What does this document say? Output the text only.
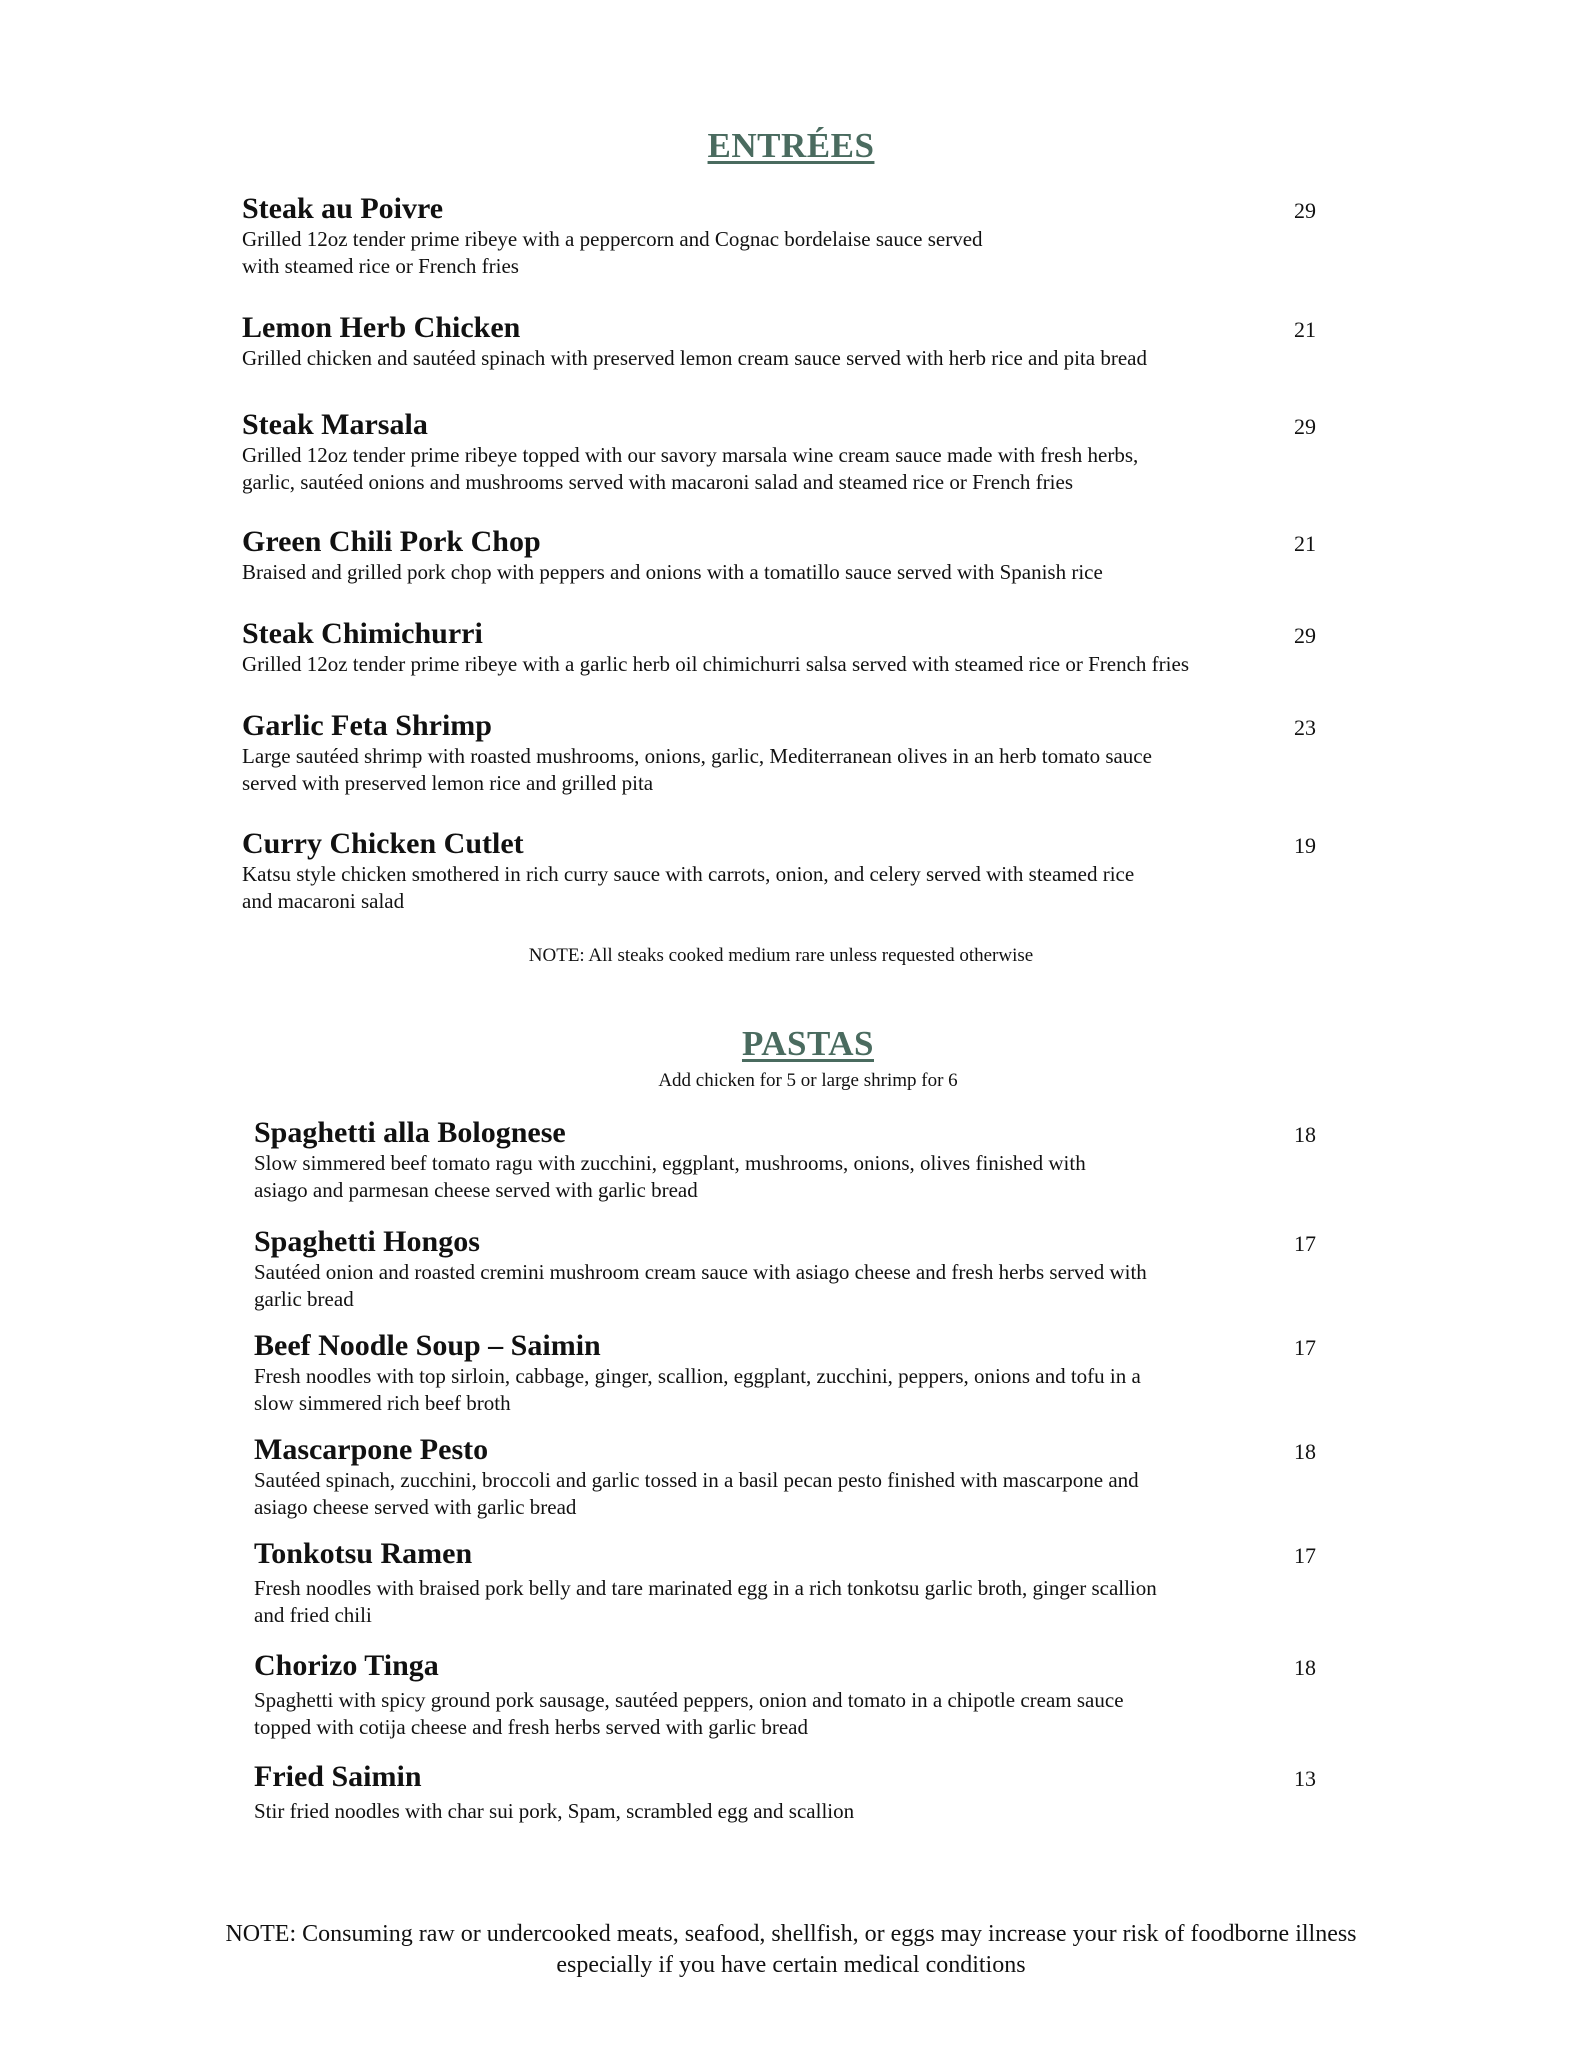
ENTRÉES
Steak au Poivre
Grilled 12oz tender prime ribeye with a peppercorn and Cognac bordelaise sauce served
with steamed rice or French fries
29
Lemon Herb Chicken
Grilled chicken and sautéed spinach with preserved lemon cream sauce served with herb rice and pita bread
21
Steak Marsala
Grilled 12oz tender prime ribeye topped with our savory marsala wine cream sauce made with fresh herbs,
garlic, sautéed onions and mushrooms served with macaroni salad and steamed rice or French fries
29
Green Chili Pork Chop
Braised and grilled pork chop with peppers and onions with a tomatillo sauce served with Spanish rice
21
Steak Chimichurri
Grilled 12oz tender prime ribeye with a garlic herb oil chimichurri salsa served with steamed rice or French fries
29
Garlic Feta Shrimp
Large sautéed shrimp with roasted mushrooms, onions, garlic, Mediterranean olives in an herb tomato sauce
served with preserved lemon rice and grilled pita
23
Curry Chicken Cutlet
Katsu style chicken smothered in rich curry sauce with carrots, onion, and celery served with steamed rice
and macaroni salad
19
NOTE: All steaks cooked medium rare unless requested otherwise
PASTAS
Add chicken for 5 or large shrimp for 6
Spaghetti alla Bolognese
Slow simmered beef tomato ragu with zucchini, eggplant, mushrooms, onions, olives finished with
asiago and parmesan cheese served with garlic bread
18
Spaghetti Hongos
Sautéed onion and roasted cremini mushroom cream sauce with asiago cheese and fresh herbs served with
garlic bread
17
Beef Noodle Soup – Saimin
Fresh noodles with top sirloin, cabbage, ginger, scallion, eggplant, zucchini, peppers, onions and tofu in a
slow simmered rich beef broth
17
Mascarpone Pesto
Sautéed spinach, zucchini, broccoli and garlic tossed in a basil pecan pesto finished with mascarpone and
asiago cheese served with garlic bread
18
Tonkotsu Ramen
Fresh noodles with braised pork belly and tare marinated egg in a rich tonkotsu garlic broth, ginger scallion
and fried chili
17
Chorizo Tinga
Spaghetti with spicy ground pork sausage, sautéed peppers, onion and tomato in a chipotle cream sauce
topped with cotija cheese and fresh herbs served with garlic bread
18
Fried Saimin
Stir fried noodles with char sui pork, Spam, scrambled egg and scallion
13
NOTE: Consuming raw or undercooked meats, seafood, shellfish, or eggs may increase your risk of foodborne illness
especially if you have certain medical conditions
